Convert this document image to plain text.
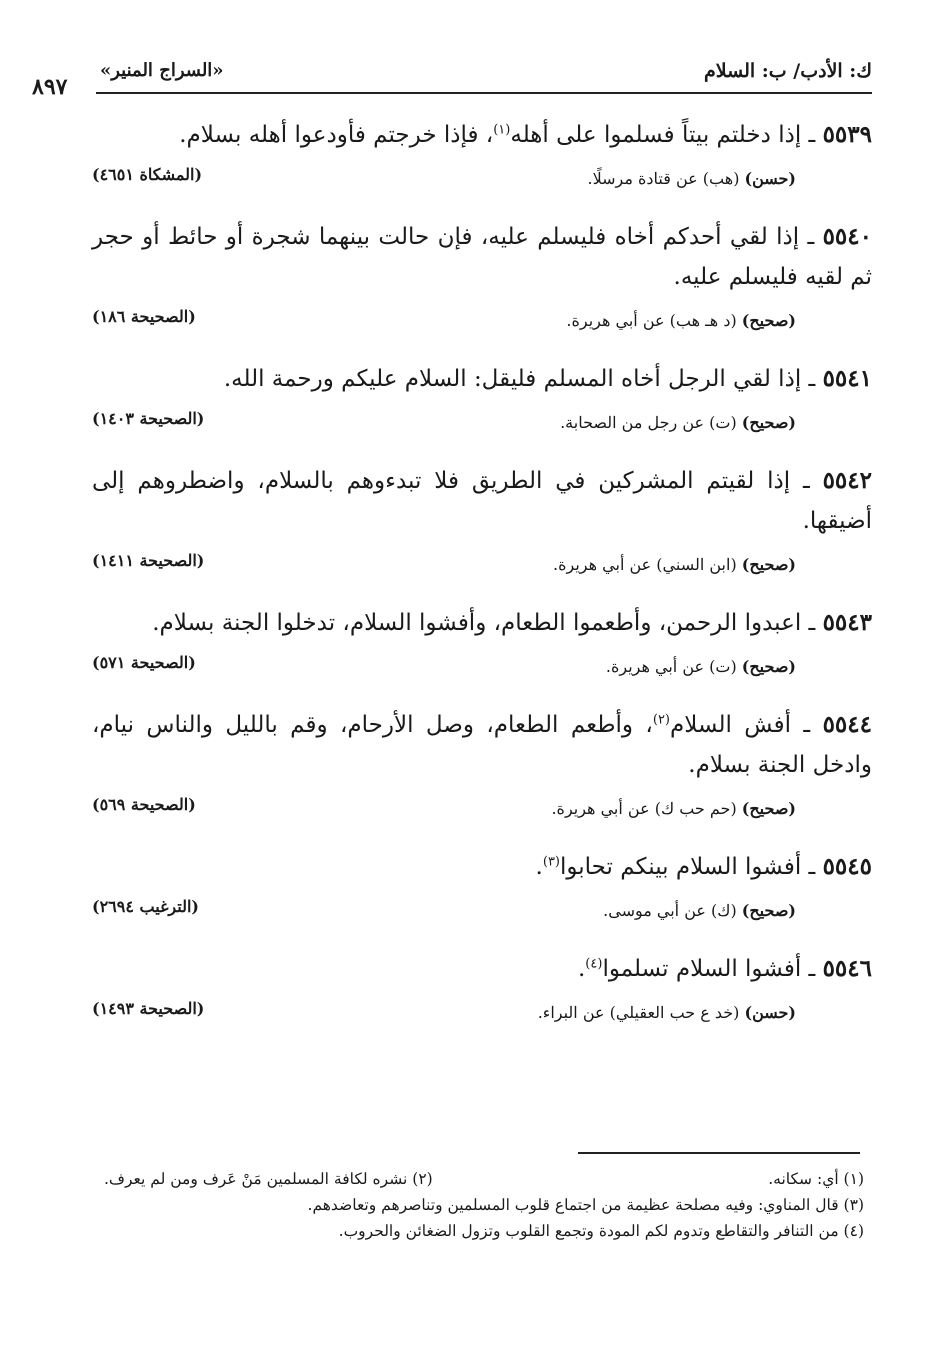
ك: الأدب/ ب: السلام
«السراج المنير»
٨٩٧
٥٥٣٩ ـ إذا دخلتم بيتاً فسلموا على أهله$^{(١)}$، فإذا خرجتم فأودعوا أهله بسلام.
(حسن) (هب) عن قتادة مرسلًا.
(المشكاة ٤٦٥١)
٥٥٤٠ ـ إذا لقي أحدكم أخاه فليسلم عليه، فإن حالت بينهما شجرة أو حائط أو حجر ثم لقيه فليسلم عليه.
(صحيح) (د هـ هب) عن أبي هريرة.
(الصحيحة ١٨٦)
٥٥٤١ ـ إذا لقي الرجل أخاه المسلم فليقل: السلام عليكم ورحمة الله.
(صحيح) (ت) عن رجل من الصحابة.
(الصحيحة ١٤٠٣)
٥٥٤٢ ـ إذا لقيتم المشركين في الطريق فلا تبدءوهم بالسلام، واضطروهم إلى أضيقها.
(صحيح) (ابن السني) عن أبي هريرة.
(الصحيحة ١٤١١)
٥٥٤٣ ـ اعبدوا الرحمن، وأطعموا الطعام، وأفشوا السلام، تدخلوا الجنة بسلام.
(صحيح) (ت) عن أبي هريرة.
(الصحيحة ٥٧١)
٥٥٤٤ ـ أفش السلام$^{(٢)}$، وأطعم الطعام، وصل الأرحام، وقم بالليل والناس نيام، وادخل الجنة بسلام.
(صحيح) (حم حب ك) عن أبي هريرة.
(الصحيحة ٥٦٩)
٥٥٤٥ ـ أفشوا السلام بينكم تحابوا$^{(٣)}$.
(صحيح) (ك) عن أبي موسى.
(الترغيب ٢٦٩٤)
٥٥٤٦ ـ أفشوا السلام تسلموا$^{(٤)}$.
(حسن) (خد ع حب العقيلي) عن البراء.
(الصحيحة ١٤٩٣)
(١) أي: سكانه.
(٢) نشره لكافة المسلمين مَنْ عَرف ومن لم يعرف.
(٣) قال المناوي: وفيه مصلحة عظيمة من اجتماع قلوب المسلمين وتناصرهم وتعاضدهم.
(٤) من التنافر والتقاطع وتدوم لكم المودة وتجمع القلوب وتزول الضغائن والحروب.
